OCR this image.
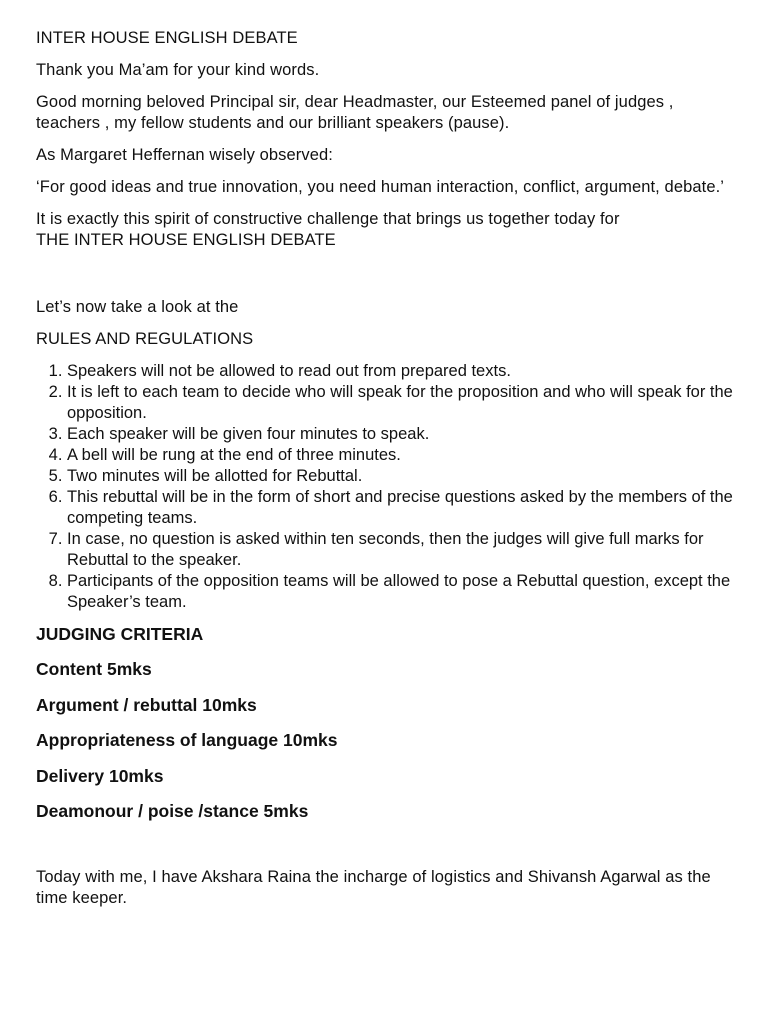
INTER HOUSE ENGLISH DEBATE
Thank you Ma’am for your kind words.
Good morning beloved Principal sir, dear Headmaster, our Esteemed panel of judges , teachers , my fellow students and our brilliant speakers (pause).
As Margaret Heffernan wisely observed:
‘For good ideas and true innovation, you need human interaction, conflict, argument, debate.’
It is exactly this spirit of constructive challenge that brings us together today for
THE INTER HOUSE ENGLISH DEBATE
Let’s now take a look at the
RULES AND REGULATIONS
1. Speakers will not be allowed to read out from prepared texts.
2. It is left to each team to decide who will speak for the proposition and who will speak for the opposition.
3. Each speaker will be given four minutes to speak.
4. A bell will be rung at the end of three minutes.
5. Two minutes will be allotted for Rebuttal.
6. This rebuttal will be in the form of short and precise questions asked by the members of the competing teams.
7. In case, no question is asked within ten seconds, then the judges will give full marks for Rebuttal to the speaker.
8. Participants of the opposition teams will be allowed to pose a Rebuttal question, except the Speaker’s team.
JUDGING CRITERIA
Content 5mks
Argument / rebuttal 10mks
Appropriateness of language 10mks
Delivery 10mks
Deamonour / poise /stance 5mks
Today with me, I have Akshara Raina the incharge of logistics and Shivansh Agarwal as the time keeper.
